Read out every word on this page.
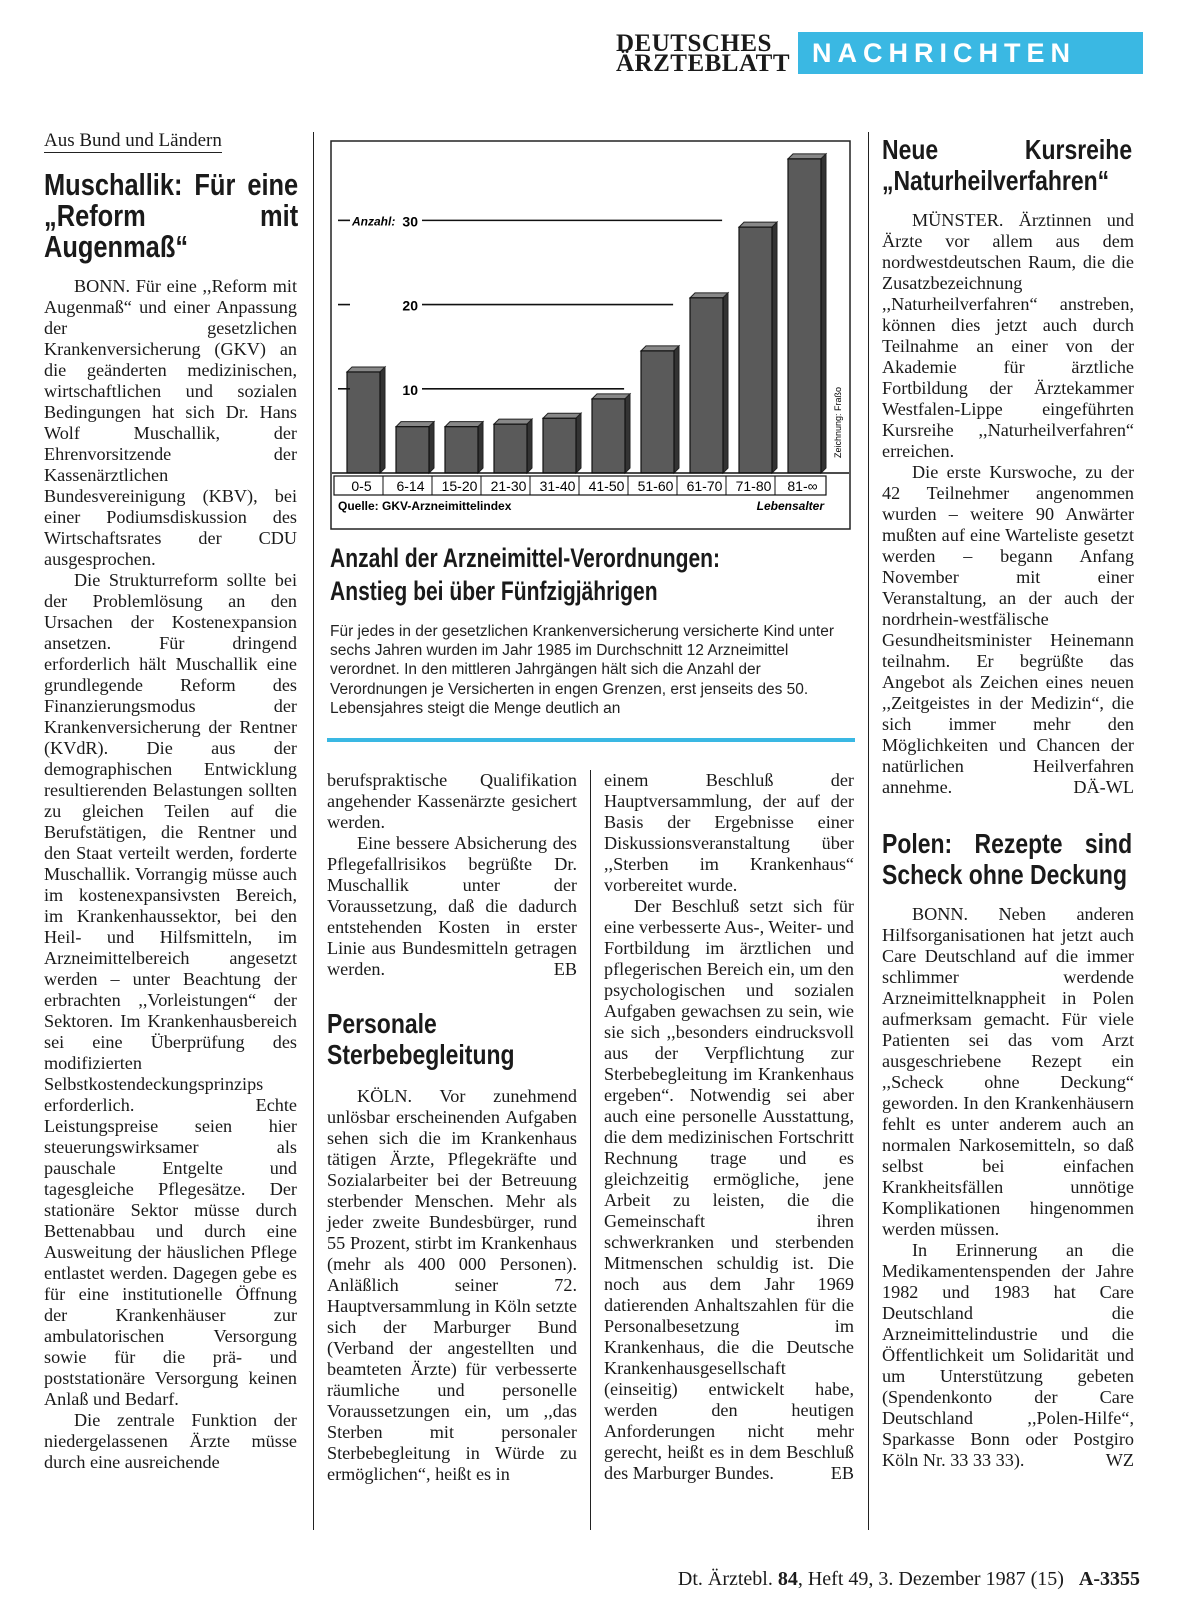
DEUTSCHES
ÄRZTEBLATT NACHRICHTEN
Aus Bund und Ländern
Muschallik: Für eine „Reform mit Augenmaß“

BONN. Für eine ,,Reform mit Augenmaß“ und einer Anpassung der gesetzlichen Krankenversicherung (GKV) an die geänderten medizinischen, wirtschaftlichen und sozialen Bedingungen hat sich Dr. Hans Wolf Muschallik, der Ehrenvorsitzende der Kassenärztlichen Bundesvereinigung (KBV), bei einer Podiumsdiskussion des Wirtschaftsrates der CDU ausgesprochen.

Die Strukturreform sollte bei der Problemlösung an den Ursachen der Kostenexpansion ansetzen. Für dringend erforderlich hält Muschallik eine grundlegende Reform des Finanzierungsmodus der Krankenversicherung der Rentner (KVdR). Die aus der demographischen Entwicklung resultierenden Belastungen sollten zu gleichen Teilen auf die Berufstätigen, die Rentner und den Staat verteilt werden, forderte Muschallik. Vorrangig müsse auch im kostenexpansivsten Bereich, im Krankenhaussektor, bei den Heil- und Hilfsmitteln, im Arzneimittelbereich angesetzt werden – unter Beachtung der erbrachten ,,Vorleistungen“ der Sektoren. Im Krankenhausbereich sei eine Überprüfung des modifizierten Selbstkostendeckungsprinzips erforderlich. Echte Leistungspreise seien hier steuerungswirksamer als pauschale Entgelte und tagesgleiche Pflegesätze. Der stationäre Sektor müsse durch Bettenabbau und durch eine Ausweitung der häuslichen Pflege entlastet werden. Dagegen gebe es für eine institutionelle Öffnung der Krankenhäuser zur ambulatorischen Versorgung sowie für die prä- und poststationäre Versorgung keinen Anlaß und Bedarf.

Die zentrale Funktion der niedergelassenen Ärzte müsse durch eine ausreichende

10
20
30
Anzahl:
0-5 6-14 15-20 21-30 31-40 41-50 51-60 61-70 71-80 81-∞
Quelle: GKV-Arzneimittelindex	Lebensalter
Zeichnung: Fraßo
Anzahl der Arzneimittel-Verordnungen:
Anstieg bei über Fünfzigjährigen
Für jedes in der gesetzlichen Krankenversicherung versicherte Kind unter sechs Jahren wurden im Jahr 1985 im Durchschnitt 12 Arzneimittel verordnet. In den mittleren Jahrgängen hält sich die Anzahl der Verordnungen je Versicherten in engen Grenzen, erst jenseits des 50. Lebensjahres steigt die Menge deutlich an

berufspraktische Qualifikation angehender Kassenärzte gesichert werden.

Eine bessere Absicherung des Pflegefallrisikos begrüßte Dr. Muschallik unter der Voraussetzung, daß die dadurch entstehenden Kosten in erster Linie aus Bundesmitteln getragen werden.	EB

Personale Sterbebegleitung

KÖLN. Vor zunehmend unlösbar erscheinenden Aufgaben sehen sich die im Krankenhaus tätigen Ärzte, Pflegekräfte und Sozialarbeiter bei der Betreuung sterbender Menschen. Mehr als jeder zweite Bundesbürger, rund 55 Prozent, stirbt im Krankenhaus (mehr als 400 000 Personen). Anläßlich seiner 72. Hauptversammlung in Köln setzte sich der Marburger Bund (Verband der angestellten und beamteten Ärzte) für verbesserte räumliche und personelle Voraussetzungen ein, um ,,das Sterben mit personaler Sterbebegleitung in Würde zu ermöglichen“, heißt es in

einem Beschluß der Hauptversammlung, der auf der Basis der Ergebnisse einer Diskussionsveranstaltung über ,,Sterben im Krankenhaus“ vorbereitet wurde.

Der Beschluß setzt sich für eine verbesserte Aus-, Weiter- und Fortbildung im ärztlichen und pflegerischen Bereich ein, um den psychologischen und sozialen Aufgaben gewachsen zu sein, wie sie sich ,,besonders eindrucksvoll aus der Verpflichtung zur Sterbebegleitung im Krankenhaus ergeben“. Notwendig sei aber auch eine personelle Ausstattung, die dem medizinischen Fortschritt Rechnung trage und es gleichzeitig ermögliche, jene Arbeit zu leisten, die die Gemeinschaft ihren schwerkranken und sterbenden Mitmenschen schuldig ist. Die noch aus dem Jahr 1969 datierenden Anhaltszahlen für die Personalbesetzung im Krankenhaus, die die Deutsche Krankenhausgesellschaft (einseitig) entwickelt habe, werden den heutigen Anforderungen nicht mehr gerecht, heißt es in dem Beschluß des Marburger Bundes.	EB

Neue Kursreihe „Naturheilverfahren“

MÜNSTER. Ärztinnen und Ärzte vor allem aus dem nordwestdeutschen Raum, die die Zusatzbezeichnung ,,Naturheilverfahren“ anstreben, können dies jetzt auch durch Teilnahme an einer von der Akademie für ärztliche Fortbildung der Ärztekammer Westfalen-Lippe eingeführten Kursreihe ,,Naturheilverfahren“ erreichen.

Die erste Kurswoche, zu der 42 Teilnehmer angenommen wurden – weitere 90 Anwärter mußten auf eine Warteliste gesetzt werden – begann Anfang November mit einer Veranstaltung, an der auch der nordrhein-westfälische Gesundheitsminister Heinemann teilnahm. Er begrüßte das Angebot als Zeichen eines neuen ,,Zeitgeistes in der Medizin“, die sich immer mehr den Möglichkeiten und Chancen der natürlichen Heilverfahren annehme.	DÄ-WL

Polen: Rezepte sind Scheck ohne Deckung

BONN. Neben anderen Hilfsorganisationen hat jetzt auch Care Deutschland auf die immer schlimmer werdende Arzneimittelknappheit in Polen aufmerksam gemacht. Für viele Patienten sei das vom Arzt ausgeschriebene Rezept ein ,,Scheck ohne Deckung“ geworden. In den Krankenhäusern fehlt es unter anderem auch an normalen Narkosemitteln, so daß selbst bei einfachen Krankheitsfällen unnötige Komplikationen hingenommen werden müssen.

In Erinnerung an die Medikamentenspenden der Jahre 1982 und 1983 hat Care Deutschland die Arzneimittelindustrie und die Öffentlichkeit um Solidarität und um Unterstützung gebeten (Spendenkonto der Care Deutschland ,,Polen-Hilfe“, Sparkasse Bonn oder Postgiro Köln Nr. 33 33 33).	WZ

Dt. Ärztebl. 84, Heft 49, 3. Dezember 1987 (15) A-3355
